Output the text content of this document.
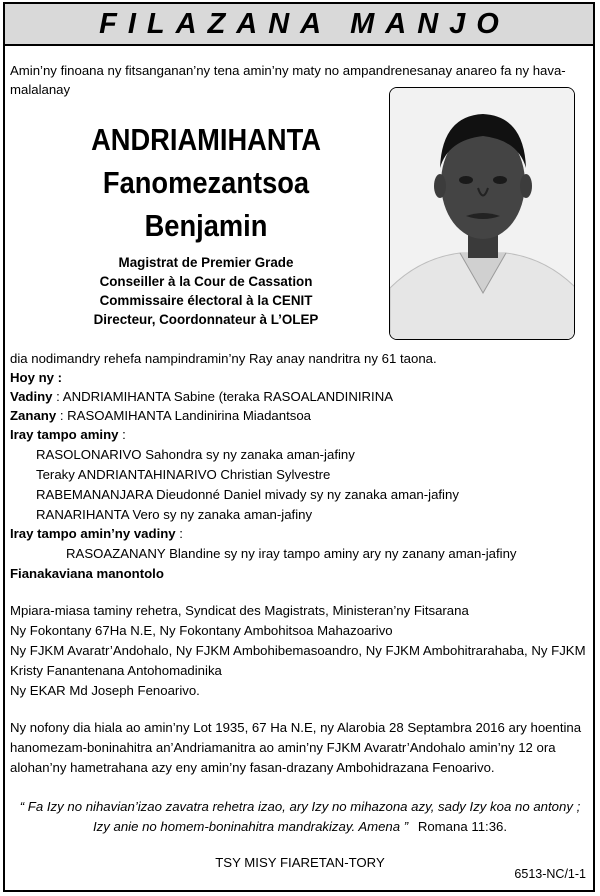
FILAZANA MANJO
Amin’ny finoana ny fitsanganan’ny tena amin’ny maty no ampandrenesanay anareo fa ny hava-malalanay
ANDRIAMIHANTA
Fanomezantsoa
Benjamin
Magistrat de Premier Grade
Conseiller à la Cour de Cassation
Commissaire électoral à la CENIT
Directeur, Coordonnateur à L’OLEP
dia nodimandry rehefa nampindramin’ny Ray anay nandritra ny 61 taona.
Hoy ny :
Vadiny : ANDRIAMIHANTA Sabine (teraka RASOALANDINIRINA
Zanany : RASOAMIHANTA Landinirina Miadantsoa
Iray tampo aminy :
RASOLONARIVO Sahondra sy ny zanaka aman-jafiny
Teraky ANDRIANTAHINARIVO Christian Sylvestre
RABEMANANJARA Dieudonné Daniel mivady sy ny zanaka aman-jafiny
RANARIHANTA Vero sy ny zanaka aman-jafiny
Iray tampo amin’ny vadiny :
RASOAZANANY Blandine sy ny iray tampo aminy ary ny zanany aman-jafiny
Fianakaviana manontolo
Mpiara-miasa taminy rehetra, Syndicat des Magistrats, Ministeran’ny Fitsarana
Ny Fokontany 67Ha N.E, Ny Fokontany Ambohitsoa Mahazoarivo
Ny FJKM Avaratr’Andohalo, Ny FJKM Ambohibemasoandro, Ny FJKM Ambohitrarahaba, Ny FJKM
Kristy Fanantenana Antohomadinika
Ny EKAR Md Joseph Fenoarivo.
Ny nofony dia hiala ao amin’ny Lot 1935, 67 Ha N.E, ny Alarobia 28 Septambra 2016 ary hoentina
hanomezam-boninahitra an’Andriamanitra ao amin’ny FJKM Avaratr’Andohalo amin’ny 12 ora
alohan’ny hametrahana azy eny amin’ny fasan-drazany Ambohidrazana Fenoarivo.
“ Fa Izy no nihavian’izao zavatra rehetra izao, ary Izy no mihazona azy, sady Izy koa no antony ;
Izy anie no homem-boninahitra mandrakizay. Amena ” Romana 11:36.
TSY MISY FIARETAN-TORY
6513-NC/1-1
